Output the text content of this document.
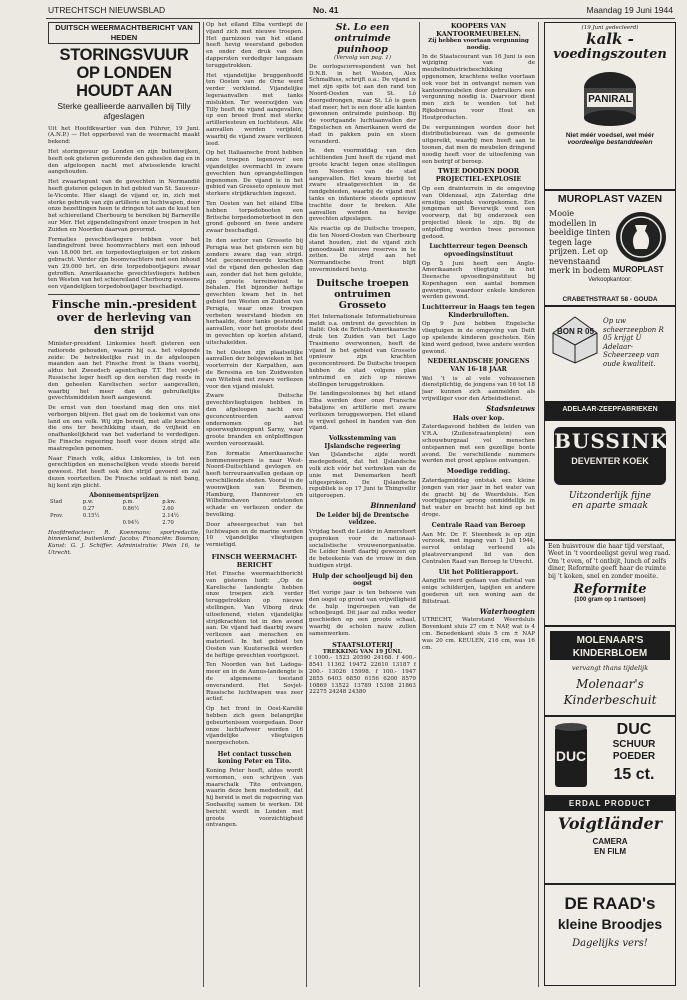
UTRECHTSCH NIEUWSBLAD	No. 41	Maandag 19 Juni 1944
DUITSCH WEERMACHTBERICHT VAN HEDEN
STORINGSVUUR OP LONDEN HOUDT AAN
Sterke geallieerde aanvallen bij Tilly afgeslagen

Uit het Hoofdkwartier van den Führer, 19 Juni. (A.N.P.) — Het opperbevel van de weermacht maakt bekend:

Het storingsvuur op Londen en zijn buitenwijken, heeft ook gisteren gedurende den geheelen dag en in den afgeloopen nacht met afwisselende kracht aangehouden.

Het zwaartepunt van de gevechten in Normandië heeft gisteren gelegen in het gebied van St. Sauveur-le-Vicomte. Hier slaagt de vijand er, in, zich met sterke gebruik van zijn artillerie en luchtwapen, door onze bezettingen heen te dringen tot aan de kust ten het schiereiland Cherbourg te bereiken bij Barneville sur Mer. Het zijpendelingsfront onzer troepen in het Zuiden en Noorden daarvan gevormd.

Formaties gevechtsvliegers hebben voor het landingsfront twee boomvrachters met een inhoud van 18.000 brt. en torpedovliegtuigen er tot zinken gebracht. Verder zijn boomvrachters met een inhoud van 29.000 brt. en drie torpedobootjagers zwaar getroffen. Amerikaansche gevechtsvliegers hebben ten Westen van het schiereiland Cherbourg eveneens een vijandelijken torpedobootjager beschadigd.

Finsche min.-president over de herleving van den strijd

Minister-president Linkomies heeft gisteren een radiorede gehouden, waarin hij o.a. het volgende zeide: De betrekkelijke rust in de afgeloopen maanden aan het Finsche front is thans voorbij, aldus het Zweedsch agentschap T.T. Het sovjet-Russische leger heeft op den eersten dag reeds in den geheelen Karelischen sector aangevallen, waarbij het meer dan de gebruikelijke gevechtsmiddelen heeft aangewend.

De ernst van den toestand mag den ons niet verborgen blijven. Het gaat om de toekomst van ons land en ons volk. Wij zijn bereid, met alle krachten die ons ter beschikking staan, de vrijheid en onafhankelijkheid van het vaderland te verdedigen. De Finsche regeering heeft voor dezen strijd alle maatregelen genomen.

Naar Finsch volk, aldus Linkomies, is tot een gerechtigden en menschelijken vrede steeds bereid geweest. Het heeft ook den strijd gevoerd en zal dezen voortzetten. De Finsche soldaat is niet bang, hij kent zijn plicht.

Abonnementsprijzen
Stad	p.w.	p.m.	p.kw.
	0.27	0.86½	2.60
Prov.	0.15½		2.14½
		0.94½	2.70

Hoofdredacteur: R. Koenmans; sportredactie, binnenland, buitenland: Jacobs; Financiën: Bosman; Kunst: G. J. Schiffer. Administratie: Plein 16, te Utrecht.

Op het eiland Elba verdiept de vijand zich met nieuwe troepen. Het garnizoen van het eiland heeft hevig weerstand geboden en onder den druk van den dappersten verdediger langzaam teruggetrokken.

Het vijandelijke bruggenhoofd ten Oosten van de Orne werd verder verkleind. Vijandelijke legeraanvallen met tanks mislukten. Ter weerszijden van Tilly heeft de vijand aangevallen; op een breed front met sterke artilleriesteun en luchtsteun. Alle aanvallen werden verijdeld, waarbij de vijand zware verliezen leed.

Op het Italiaansche front hebben onze troepen tegenover een vijandelijke overmacht in zware gevechten hun opvangstellingen ingenomen. De vijand is in het gebied van Grosseto opnieuw met sterkere strijdkrachten ingezet.

Ten Oosten van het eiland Elba hebben torpedobooten een Britsche torpedomotorboot in den grond geboord en twee andere zwaar beschadigd.

In den sector van Grosseto bij Perugia was het gisteren een bij zondere zware dag van strijd. Met geconcentreerde krachten viel de vijand den geheelen dag aan, zonder dat het hem gelukte, zijn groote terreinwinst te behalen. Het bijzonder heftige gevechten kwam het in het gebied ten Westen en Zuiden van Perugia, waar onze troepen verbeten weerstand bieden en herhaalde, door tanks gesteunde aanvallen, voor het grootste deel in gevechten op korten afstand, uitschakelden.

In het Oosten zijn plaatselijke aanvallen der bolsjewieken in het voorterrein der Karpathen, aan de Beresina en ten Zuidwesten van Witebsk met zware verliezen voor den vijand mislukt.

Zware Duitsche gevechtsvliegtuigen hebben in den afgeloopen nacht een geconcentreerden aanval ondernomen op het spoorwegknooppunt Sarny, waar groote branden en ontploffingen werden veroorzaakt.

Een formatie Amerikaansche bommenwerpers is naar West-Noord-Duitschland gevlogen en heeft terreuraanvallen gedaan op verschillende steden. Vooral in de woonwijken van Bremen, Hamburg, Hannover en Wilhelmshaven ontstonden schade en verliezen onder de bevolking.

Door afweergeschut van het luchtwapen en de marine werden 10 vijandelijke vliegtuigen vernietigd.

FINSCH WEERMACHT-BERICHT

Het Finsche weermachtbericht van gisteren luidt: „Op de Karelische landengte hebben onze troepen zich verder teruggetrokken op nieuwe stellingen. Van Viborg druk uitoefenend, vielen vijandelijke strijdkrachten tot in den avond aan. De vijand had daarbij zware verliezen aan menschen en materieel. In het gebied ten Oosten van Kuuterselkä werden de heftige gevechten voortgezet.

Ten Noorden van het Ladoga-meer en in de Aunus-landengte is de algemeene toestand onveranderd. Het Sovjet-Russische luchtwapen was zeer actief.

Op het front in Oost-Karelië hebben zich geen belangrijke gebeurtenissen voorgedaan. Door onze luchtafweer werden 16 vijandelijke vliegtuigen neergeschoten.

Het contact tusschen koning Peter en Tito.

Koning Peter heeft, aldus wordt vernomen, een schrijven van maarschalk Tito ontvangen, waarin deze hem mededeelt, dat hij bereid is met de regeering van Soebasitsj samen te werken. Dit bericht wordt in Londen met groote voorzichtigheid ontvangen.

St. Lo een ontruimde puinhoop
(Vervolg van pag. 1)

De oorlogscorrespondent van het D.N.B. in het Westen, Alex Schmalfuss, schrijft o.a.: De vijand is met zijn spits tot aan den rand ten Noord-Oosten van St. Lô doorgedrongen, maar St. Lô is geen stad meer, het is een door alle kanten gewonnen ontruimde puinhoop. Bij de voortgaande luchtaanvallen der Engelschen en Amerikanen werd de stad in pakken puin en steen veranderd.

In den voormiddag van den achttienden Juni heeft de vijand met groote kracht tegen onze stellingen ten Noorden van de stad aangevallen. Het kwam hierbij tot zware straatgevechten in de randgebieden, waarbij de vijand met tanks en infanterie steeds opnieuw trachtte door te breken. Alle aanvallen werden na hevige gevechten afgeslagen.

Als reactie op de Duitsche troepen, die ten Noord-Oosten van Cherbourg stand houden, ziet de vijand zich genoodzaakt nieuwe reserves in te zetten. De strijd aan het Normandische front blijft onverminderd hevig.

Duitsche troepen ontruimen Grosseto

Het Internationale Informatiebureau meldt o.a. omtrent de gevechten in Italië: Ook de Britsch-Amerikaansche druk ten Zuiden van het Lago Trasimeno overwonnen, heeft de vijand in het gebied van Grosseto opnieuw zijn krachten geconcentreerd. De Duitsche troepen hebben de stad volgens plan ontruimd en zich op nieuwe stellingen teruggetrokken.

De landingscolonnes bij het eiland Elba werden door onze Fransche bataljons en artillerie met zware verliezen teruggeworpen. Het eiland is vrijwel geheel in handen van den vijand.

Volksstemming van IJslandsche regeering

Van IJslandsche zijde wordt medegedeeld, dat het IJslandsche volk zich vóór het verbreken van de unie met Denemarken heeft uitgesproken. De IJslandsche republiek is op 17 Juni te Thingvellir uitgeroepen.

Binnenland
De Leider bij de Drentsche veldzee.

Vrijdag heeft de Leider in Amersfoort gesproken voor de nationaal-socialistische vrouwenorganisatie. De Leider heeft daarbij gewezen op de beteekenis van de vrouw in den huidigen strijd.

Hulp der schooljeugd bij den oogst

Het vorige jaar is ten behoeve van den oogst op grond van vrijwilligheid de hulp ingeroepen van de schooljeugd. Dit jaar zal zulks weder geschieden op een groote schaal, waarbij de scholen nauw zullen samenwerken.

STAATSLOTERIJ
TREKKING VAN 19 JUNI.

f 1000.- 1523 20590 24168. f 400.- 8541 11362 19472 22610 13187 f 200.- 13026 15998. f 100.- 1947 2855 6403 6850 6156 6200 8579 10869 13522 13789 15398 21863 22275 24248 24380

KOOPERS VAN KANTOORMEUBELEN.
Zij hebben voortaan vergunning noodig.

In de Staatscourant van 16 Juni is een wijziging van de meubelindustriebeschikking opgenomen, krachtens welke voortaan ook voor het in ontvangst nemen van kantoormeubelen door gebruikers een vergunning noodig is. Daarvoor dient men zich te wenden tot het Rijksbureau voor Hout en Houtproducten.

De vergunningen worden door het distributiebureau van de gemeente uitgereikt, waarbij men heeft aan te toonen, dat men de meubelen dringend noodig heeft voor de uitoefening van een bedrijf of beroep.

TWEE DOODEN DOOR PROJECTIEL-EXPLOSIE

Op een drainterrein in de omgeving van Oldenzaal, zijn Zaterdag drie ernstige ongeluk voorgekomen. Een jongeman uit Beverwijk vond een voorwerp, dat bij onderzoek een projectiel bleek te zijn. Bij de ontploffing werden twee personen gedood.

Luchtterreur tegen Deensch opvoedingsinstituut

Op 5 Juni heeft een Anglo-Amerikaansch vliegtuig in het Deensche opvoedingsinstituut bij Kopenhagen een aantal bommen geworpen, waardoor enkele kinderen werden gewond.

Luchtterreur in Haags ten tegen Kinderbruiloften.

Op 9 Juni hebben Engelsche vliegtuigen in de omgeving van Delft op spelende kinderen geschoten. Eén kind werd gedood, twee andere werden gewond.

NEDERLANDSCHE JONGENS VAN 16-18 JAAR

Wel ’t is al vele volwassenen dienstplichtig, de jongens van 16 tot 18 jaar kunnen zich aanmelden als vrijwilliger voor den Arbeidsdienst.

Stadsnieuws
Hals over kop.

Zaterdagavond hebben de leiden van V.R.A. (Zuilenstraatenplein) een schouwburgzaal vol menschen ontspannen met een gezellige bonte avond. De verschillende nummers werden met groot applaus ontvangen.

Moedige redding.

Zaterdagmiddag ontstak een kleine jongen van vier jaar in het water van de gracht bij de Weerdsluis. Een voorbijganger sprong onmiddellijk in het water en bracht het kind op het droge.

Centrale Raad van Beroep

Aan Mr. Dr. F. Steenbeek is op zijn verzoek, met ingang van 1 Juli 1944, eervol ontslag verleend als plaatsvervangend lid van den Centralen Raad van Beroep te Utrecht.

Uit het Politierapport.

Aangifte werd gedaan van diefstal van enige schilderijen, tapijten en andere goederen uit een woning aan de Biltstraat.

Waterhoogten

UTRECHT, Waterstand Weerdsluis Bovenkant sluis 27 cm ± NAP, wat is 4 cm. Benedenkant sluis 5 cm ± NAP was 20 cm. KEULEN, 216 cm, was 16 cm.

(19 Juni gedecleerd)
kalk -
voedingszouten
PANIRAL
Niet méér voedsel, wel méér
voordeelige bestanddeelen
MUROPLAST VAZEN
Mooie modellen in beeldige tinten tegen lage prijzen. Let op nevenstaand merk in bodem MUROPLAST
Verkoopkantoor:
CRABETHSTRAAT 58 - GOUDA
BON R 05
Op uw scheerzeepbon R 05 krijgt U Adelaar-Scheerzeep van oude kwaliteit.
ADELAAR-ZEEPFABRIEKEN
BUSSINK
DEVENTER KOEK
Uitzonderlijk fijne
en aparte smaak
Een huisvrouw die haar tijd verstaat, Weet in 't voordeeligst gevul weg raad. Om 't even, of 't ontbijt, lunch of zelfs diner, Reformite geeft haar de ruimte bij 't koken, snel en zonder moeite.
Reformite
(100 gram op 1 rantsoen)
MOLENAAR'S KINDERBLOEM
vervangt thans tijdelijk
Molenaar's Kinderbeschuit
DUC
DUC
SCHUUR
POEDER
15 ct.
ERDAL PRODUCT
Voigtländer
CAMERA
EN FILM
DE RAAD's
kleine Broodjes
Dagelijks vers!
